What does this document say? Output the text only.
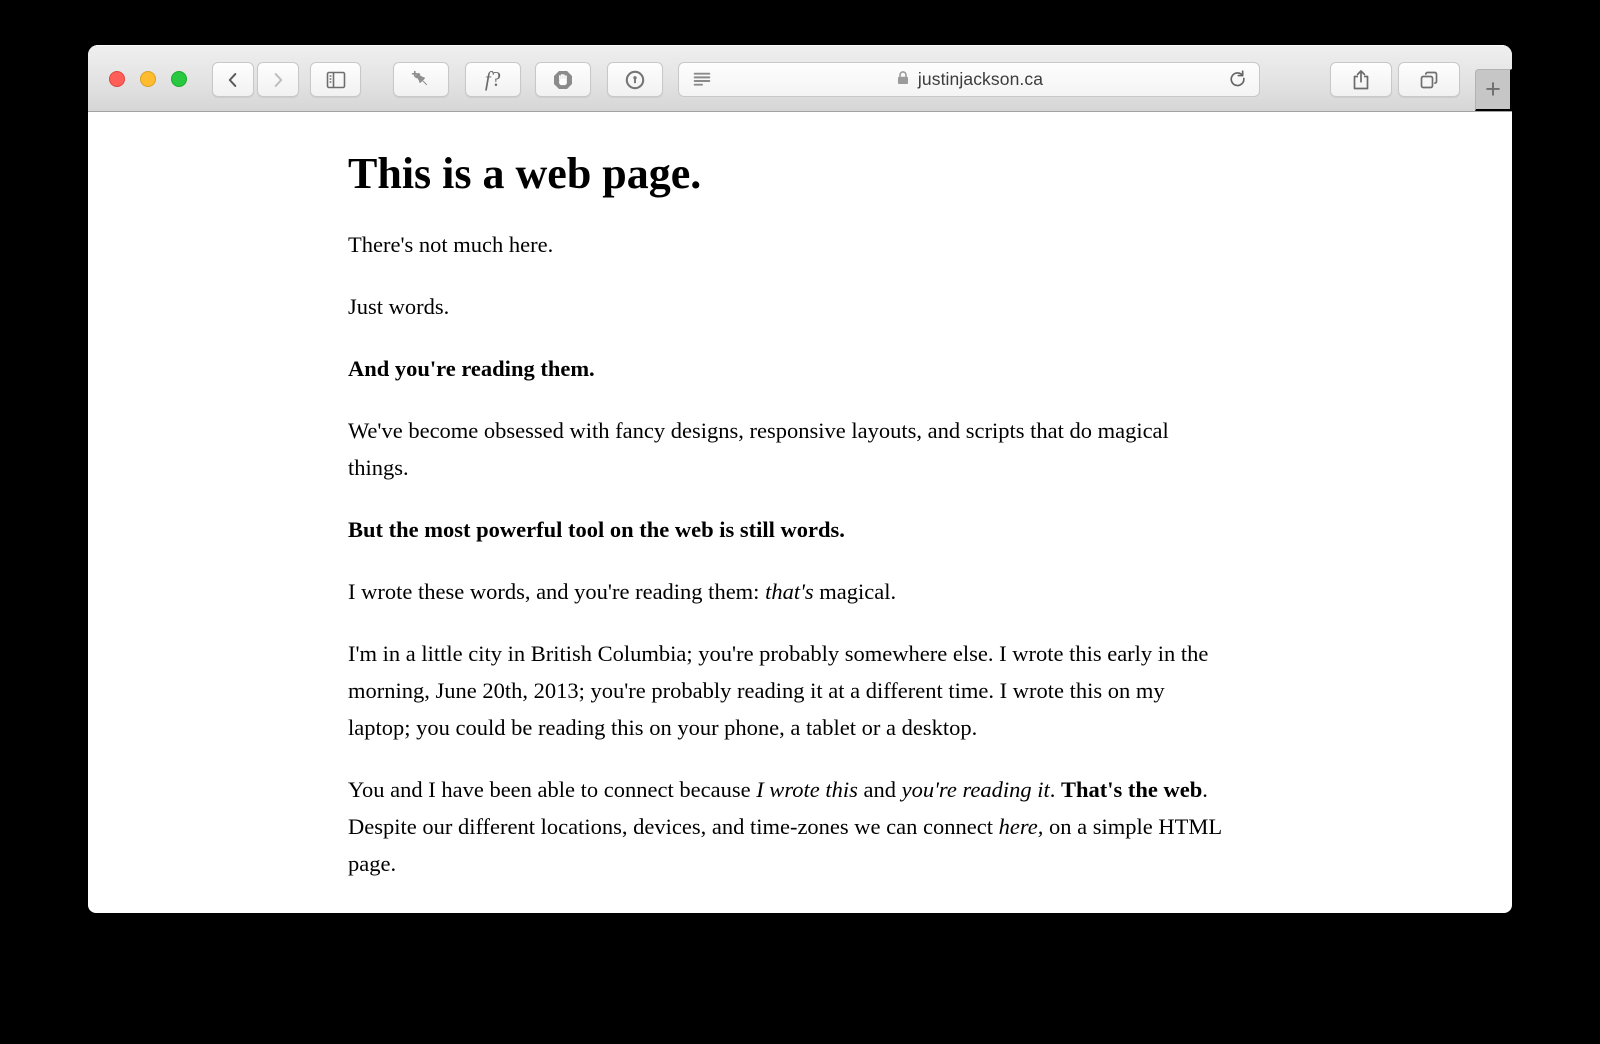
f?	justinjackson.ca	+
This is a web page.

There's not much here.

Just words.

And you're reading them.

We've become obsessed with fancy designs, responsive layouts, and scripts that do magical things.

But the most powerful tool on the web is still words.

I wrote these words, and you're reading them: that's magical.

I'm in a little city in British Columbia; you're probably somewhere else. I wrote this early in the morning, June 20th, 2013; you're probably reading it at a different time. I wrote this on my laptop; you could be reading this on your phone, a tablet or a desktop.

You and I have been able to connect because I wrote this and you're reading it. That's the web. Despite our different locations, devices, and time-zones we can connect here, on a simple HTML page.
